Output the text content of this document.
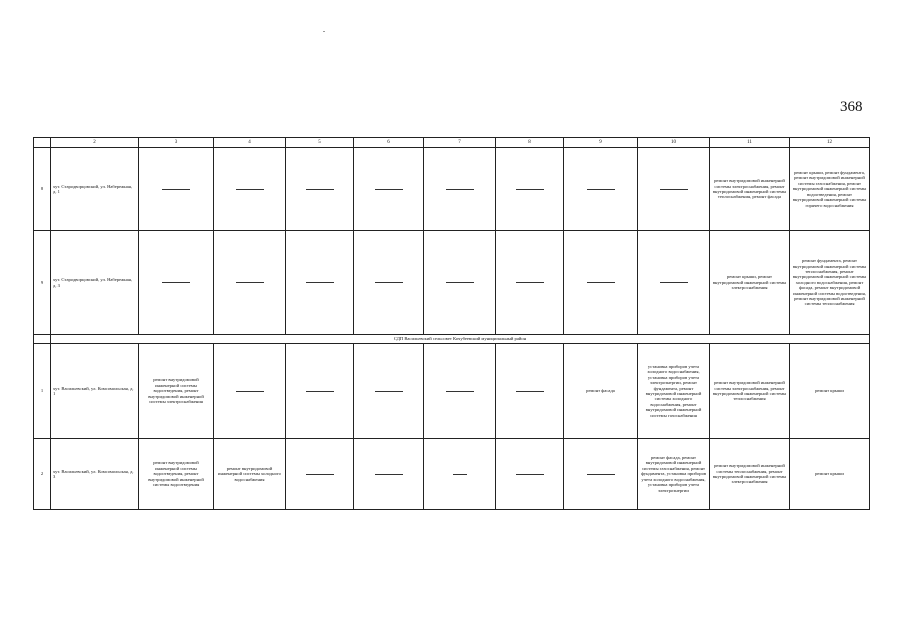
368
	2	3	4	5	6	7	8	9	10	11	12
8	хут. Стародворцовский, ул. Набережная, д. 1									ремонт внутридомовой инженерной системы электроснабжения, ремонт внутридомовой инженерной системы теплоснабжения, ремонт фасада	ремонт крыши, ремонт фундамента, ремонт внутридомовой инженерной системы газоснабжения, ремонт внутридомовой инженерной системы водоотведения, ремонт внутридомовой инженерной системы горячего водоснабжения
9	хут. Стародворцовский, ул. Набережная, д. 3									ремонт крыши, ремонт внутридомовой инженерной системы электроснабжения	ремонт фундамента, ремонт внутридомовой инженерной системы теплоснабжения, ремонт внутридомовой инженерной системы холодного водоснабжения, ремонт фасада, ремонт внутридомовой инженерной системы водоотведения, ремонт внутридомовой инженерной системы теплоснабжения
	СДП Васильевский сельсовет Кочубеевский муниципальный район										
1	хут. Васильевский, ул. Комсомольская, д. 1	ремонт внутридомовой инженерной системы водоотведения, ремонт внутридомовой инженерной системы электроснабжения						ремонт фасада	установка приборов учета холодного водоснабжения, установка приборов учета электроэнергии, ремонт фундамента, ремонт внутридомовой инженерной системы холодного водоснабжения, ремонт внутридомовой инженерной системы газоснабжения	ремонт внутридомовой инженерной системы электроснабжения, ремонт внутридомовой инженерной системы теплоснабжения	ремонт крыши
2	хут. Васильевский, ул. Комсомольская, д. 3	ремонт внутридомовой инженерной системы водоотведения, ремонт внутридомовой инженерной системы водоотведения	ремонт внутридомовой инженерной системы холодного водоснабжения						ремонт фасада, ремонт внутридомовой инженерной системы газоснабжения, ремонт фундамента, установка приборов учета холодного водоснабжения, установка приборов учета электроэнергии	ремонт внутридомовой инженерной системы теплоснабжения, ремонт внутридомовой инженерной системы электроснабжения	ремонт крыши
